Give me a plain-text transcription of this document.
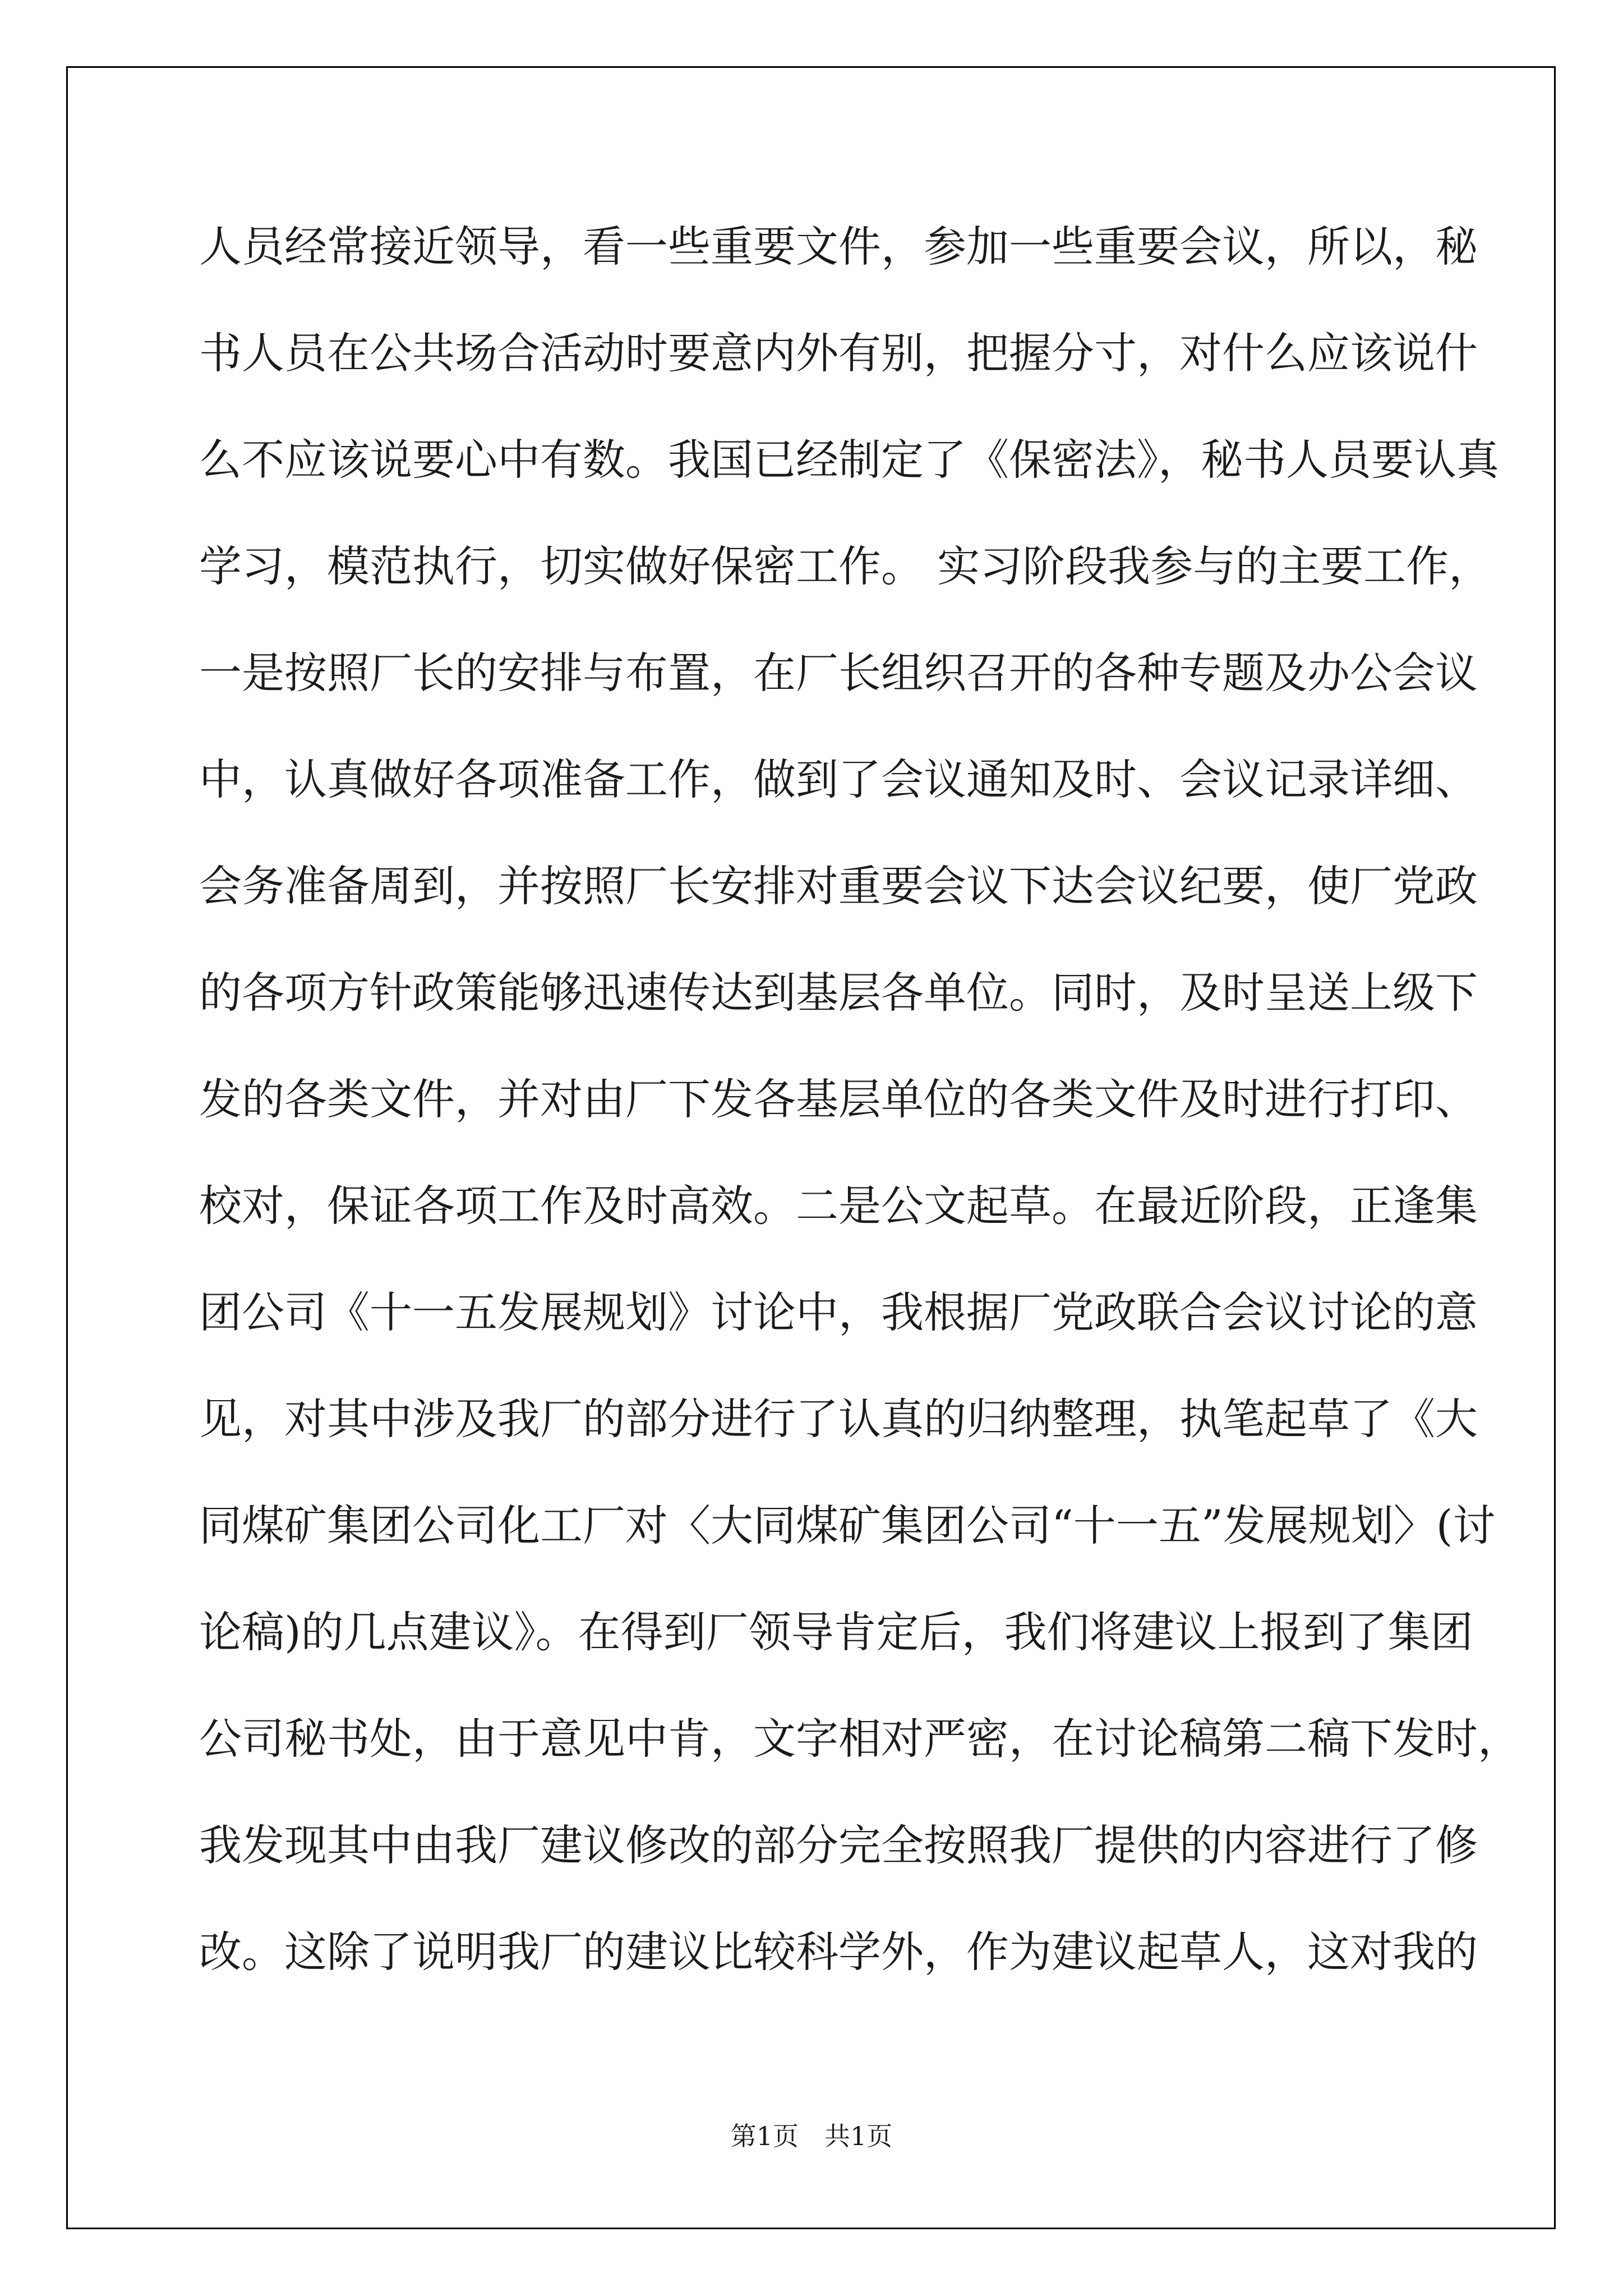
人员经常接近领导，看一些重要文件，参加一些重要会议，所以，秘
书人员在公共场合活动时要意内外有别，把握分寸，对什么应该说什
么不应该说要心中有数。我国已经制定了《保密法》，秘书人员要认真
学习，模范执行，切实做好保密工作。 实习阶段我参与的主要工作，
一是按照厂长的安排与布置，在厂长组织召开的各种专题及办公会议
中，认真做好各项准备工作，做到了会议通知及时、会议记录详细、
会务准备周到，并按照厂长安排对重要会议下达会议纪要，使厂党政
的各项方针政策能够迅速传达到基层各单位。同时，及时呈送上级下
发的各类文件，并对由厂下发各基层单位的各类文件及时进行打印、
校对，保证各项工作及时高效。二是公文起草。在最近阶段，正逢集
团公司《十一五发展规划》讨论中，我根据厂党政联合会议讨论的意
见，对其中涉及我厂的部分进行了认真的归纳整理，执笔起草了《大
同煤矿集团公司化工厂对〈大同煤矿集团公司“十一五”发展规划〉(讨
论稿)的几点建议》。在得到厂领导肯定后，我们将建议上报到了集团
公司秘书处，由于意见中肯，文字相对严密，在讨论稿第二稿下发时，
我发现其中由我厂建议修改的部分完全按照我厂提供的内容进行了修
改。这除了说明我厂的建议比较科学外，作为建议起草人，这对我的
第1页　共1页
